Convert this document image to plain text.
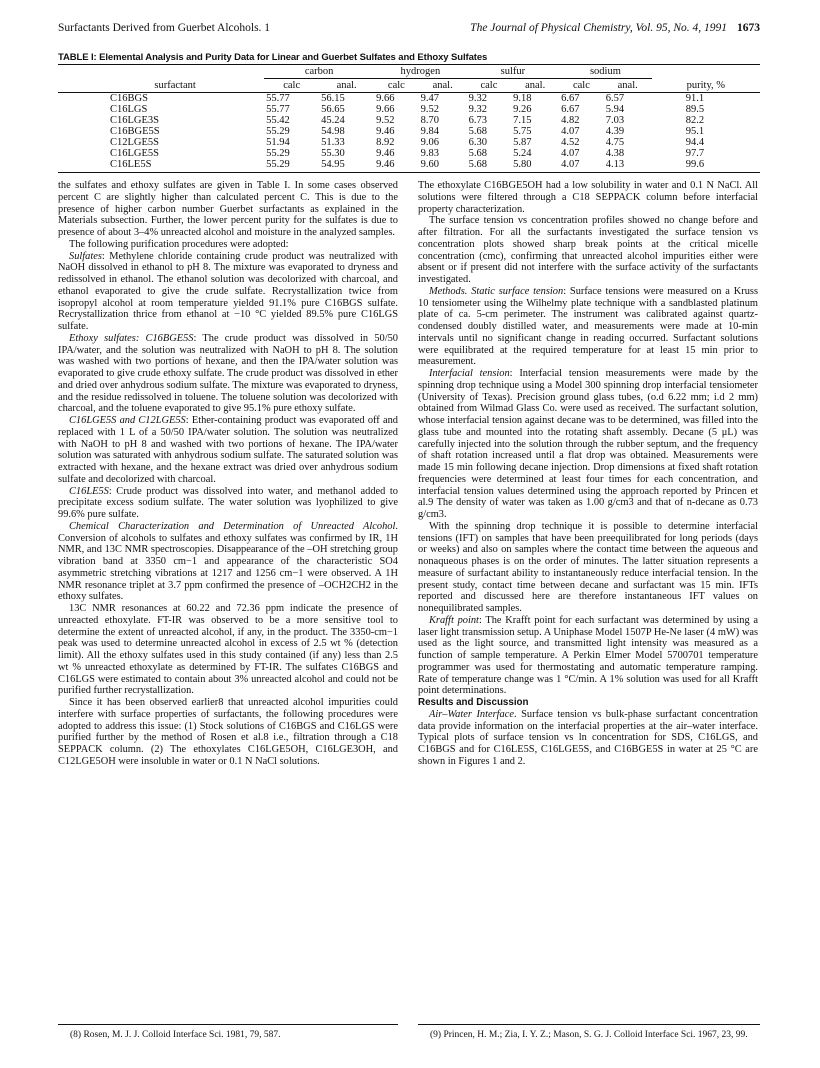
Surfactants Derived from Guerbet Alcohols. 1	The Journal of Physical Chemistry, Vol. 95, No. 4, 1991 1673
TABLE I: Elemental Analysis and Purity Data for Linear and Guerbet Sulfates and Ethoxy Sulfates
	carbon		hydrogen		sulfur		sodium		
surfactant	calc	anal.	calc	anal.	calc	anal.	calc	anal.	purity, %
C16BGS	55.77	56.15	9.66	9.47	9.32	9.18	6.67	6.57	91.1
C16LGS	55.77	56.65	9.66	9.52	9.32	9.26	6.67	5.94	89.5
C16LGE3S	55.42	45.24	9.52	8.70	6.73	7.15	4.82	7.03	82.2
C16BGE5S	55.29	54.98	9.46	9.84	5.68	5.75	4.07	4.39	95.1
C12LGE5S	51.94	51.33	8.92	9.06	6.30	5.87	4.52	4.75	94.4
C16LGE5S	55.29	55.30	9.46	9.83	5.68	5.24	4.07	4.38	97.7
C16LE5S	55.29	54.95	9.46	9.60	5.68	5.80	4.07	4.13	99.6

the sulfates and ethoxy sulfates are given in Table I. In some cases observed percent C are slightly higher than calculated percent C. This is due to the presence of higher carbon number Guerbet surfactants as explained in the Materials subsection. Further, the lower percent purity for the sulfates is due to presence of about 3–4% unreacted alcohol and moisture in the analyzed samples.

The following purification procedures were adopted:

Sulfates: Methylene chloride containing crude product was neutralized with NaOH dissolved in ethanol to pH 8. The mixture was evaporated to dryness and redissolved in ethanol. The ethanol solution was decolorized with charcoal, and ethanol evaporated to give the crude sulfate. Recrystallization twice from isopropyl alcohol at room temperature yielded 91.1% pure C16BGS sulfate. Recrystallization thrice from ethanol at −10 °C yielded 89.5% pure C16LGS sulfate.

Ethoxy sulfates: C16BGE5S: The crude product was dissolved in 50/50 IPA/water, and the solution was neutralized with NaOH to pH 8. The solution was washed with two portions of hexane, and then the IPA/water solution was evaporated to give crude ethoxy sulfate. The crude product was dissolved in ether and dried over anhydrous sodium sulfate. The mixture was evaporated to dryness, and the residue redissolved in toluene. The toluene solution was decolorized with charcoal, and the toluene evaporated to give 95.1% pure ethoxy sulfate.

C16LGE5S and C12LGE5S: Ether-containing product was evaporated off and replaced with 1 L of a 50/50 IPA/water solution. The solution was neutralized with NaOH to pH 8 and washed with two portions of hexane. The IPA/water solution was saturated with anhydrous sodium sulfate. The saturated solution was extracted with hexane, and the hexane extract was dried over anhydrous sodium sulfate and decolorized with charcoal.

C16LE5S: Crude product was dissolved into water, and methanol added to precipitate excess sodium sulfate. The water solution was lyophilized to give 99.6% pure sulfate.

Chemical Characterization and Determination of Unreacted Alcohol. Conversion of alcohols to sulfates and ethoxy sulfates was confirmed by IR, 1H NMR, and 13C NMR spectroscopies. Disappearance of the –OH stretching group vibration band at 3350 cm−1 and appearance of the characteristic SO4 asymmetric stretching vibrations at 1217 and 1256 cm−1 were observed. A 1H NMR resonance triplet at 3.7 ppm confirmed the presence of –OCH2CH2 in the ethoxy sulfates.

13C NMR resonances at 60.22 and 72.36 ppm indicate the presence of unreacted ethoxylate. FT-IR was observed to be a more sensitive tool to determine the extent of unreacted alcohol, if any, in the product. The 3350-cm−1 peak was used to determine unreacted alcohol in excess of 2.5 wt % (detection limit). All the ethoxy sulfates used in this study contained (if any) less than 2.5 wt % unreacted ethoxylate as determined by FT-IR. The sulfates C16BGS and C16LGS were estimated to contain about 3% unreacted alcohol and could not be purified further recrystallization.

Since it has been observed earlier8 that unreacted alcohol impurities could interfere with surface properties of surfactants, the following procedures were adopted to address this issue: (1) Stock solutions of C16BGS and C16LGS were purified further by the method of Rosen et al.8 i.e., filtration through a C18 SEPPACK column. (2) The ethoxylates C16LGE5OH, C16LGE3OH, and C12LGE5OH were insoluble in water or 0.1 N NaCl solutions.

The ethoxylate C16BGE5OH had a low solubility in water and 0.1 N NaCl. All solutions were filtered through a C18 SEPPACK column before interfacial property characterization.

The surface tension vs concentration profiles showed no change before and after filtration. For all the surfactants investigated the surface tension vs concentration plots showed sharp break points at the critical micelle concentration (cmc), confirming that unreacted alcohol impurities either were absent or if present did not interfere with the surface activity of the surfactants investigated.

Methods. Static surface tension: Surface tensions were measured on a Kruss 10 tensiometer using the Wilhelmy plate technique with a sandblasted platinum plate of ca. 5-cm perimeter. The instrument was calibrated against quartz-condensed doubly distilled water, and measurements were made at 10-min intervals until no significant change in reading occurred. Surfactant solutions were equilibrated at the required temperature for at least 15 min prior to measurement.

Interfacial tension: Interfacial tension measurements were made by the spinning drop technique using a Model 300 spinning drop interfacial tensiometer (University of Texas). Precision ground glass tubes, (o.d 6.22 mm; i.d 2 mm) obtained from Wilmad Glass Co. were used as received. The surfactant solution, whose interfacial tension against decane was to be determined, was filled into the glass tube and mounted into the rotating shaft assembly. Decane (5 μL) was carefully injected into the solution through the rubber septum, and the frequency of shaft rotation increased until a flat drop was obtained. Measurements were made 15 min following decane injection. Drop dimensions at fixed shaft rotation frequencies were determined at least four times for each concentration, and interfacial tension values determined using the approach reported by Princen et al.9 The density of water was taken as 1.00 g/cm3 and that of n-decane as 0.73 g/cm3.

With the spinning drop technique it is possible to determine interfacial tensions (IFT) on samples that have been preequilibrated for long periods (days or weeks) and also on samples where the contact time between the aqueous and nonaqueous phases is on the order of minutes. The latter situation represents a measure of surfactant ability to instantaneously reduce interfacial tension. In the present study, contact time between decane and surfactant was 15 min. IFTs reported and discussed here are therefore instantaneous IFT values on nonequilibrated samples.

Krafft point: The Krafft point for each surfactant was determined by using a laser light transmission setup. A Uniphase Model 1507P He-Ne laser (4 mW) was used as the light source, and transmitted light intensity was measured as a function of sample temperature. A Perkin Elmer Model 5700701 temperature programmer was used for thermostating and automatic temperature ramping. Rate of temperature change was 1 °C/min. A 1% solution was used for all Krafft point determinations.

Results and Discussion

Air–Water Interface. Surface tension vs bulk-phase surfactant concentration data provide information on the interfacial properties at the air–water interface. Typical plots of surface tension vs ln concentration for SDS, C16LGS, and C16BGS and for C16LE5S, C16LGE5S, and C16BGE5S in water at 25 °C are shown in Figures 1 and 2.

(8) Rosen, M. J. J. Colloid Interface Sci. 1981, 79, 587.	(9) Princen, H. M.; Zia, I. Y. Z.; Mason, S. G. J. Colloid Interface Sci. 1967, 23, 99.
